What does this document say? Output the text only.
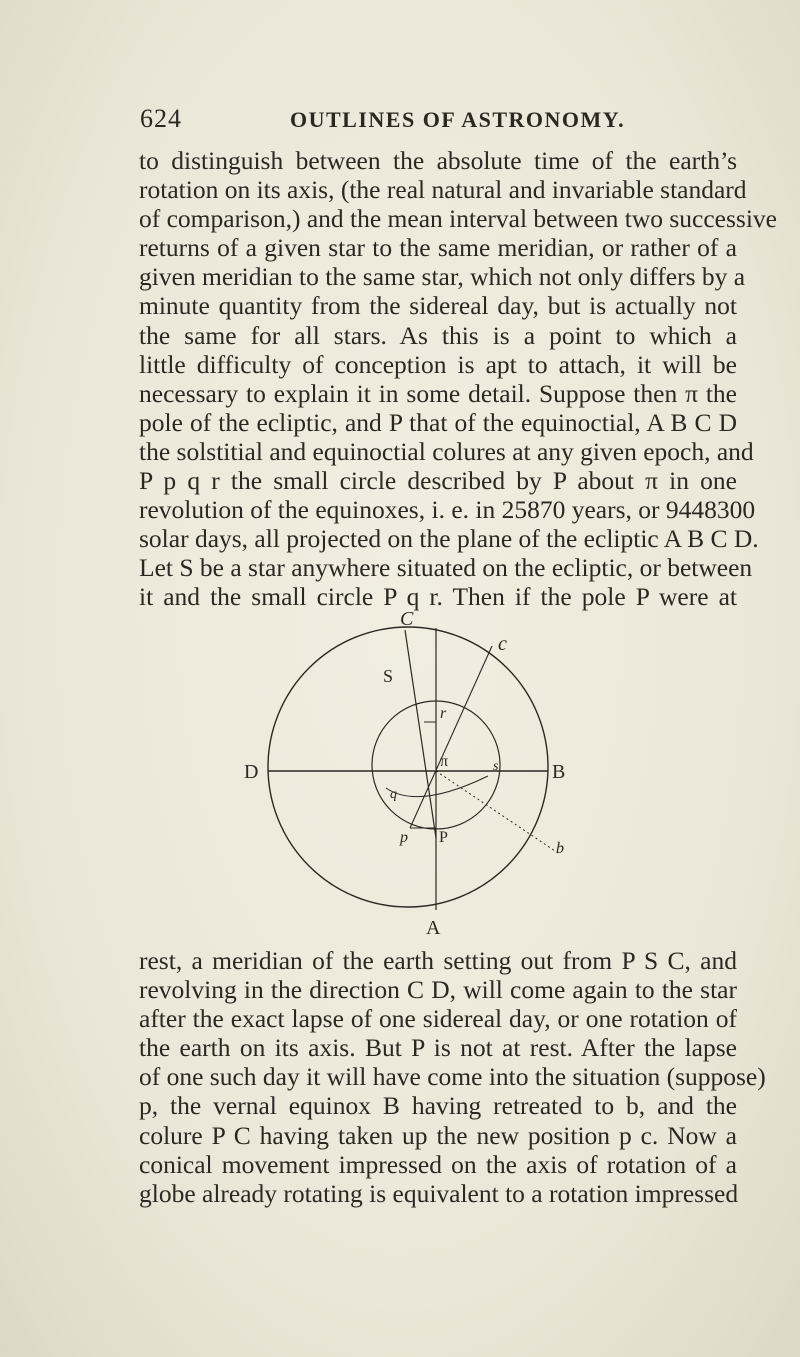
624	OUTLINES OF ASTRONOMY.
to distinguish between the absolute time of the earth’s
rotation on its axis, (the real natural and invariable standard
of comparison,) and the mean interval between two successive
returns of a given star to the same meridian, or rather of a
given meridian to the same star, which not only differs by a
minute quantity from the sidereal day, but is actually not
the same for all stars. As this is a point to which a
little difficulty of conception is apt to attach, it will be
necessary to explain it in some detail. Suppose then π the
pole of the ecliptic, and P that of the equinoctial, A B C D
the solstitial and equinoctial colures at any given epoch, and
P p q r the small circle described by P about π in one
revolution of the equinoxes, i. e. in 25870 years, or 9448300
solar days, all projected on the plane of the ecliptic A B C D.
Let S be a star anywhere situated on the ecliptic, or between
it and the small circle P q r. Then if the pole P were at
C
c
S
r
D	B
π	s
q
p P
b
A
rest, a meridian of the earth setting out from P S C, and
revolving in the direction C D, will come again to the star
after the exact lapse of one sidereal day, or one rotation of
the earth on its axis. But P is not at rest. After the lapse
of one such day it will have come into the situation (suppose)
p, the vernal equinox B having retreated to b, and the
colure P C having taken up the new position p c. Now a
conical movement impressed on the axis of rotation of a
globe already rotating is equivalent to a rotation impressed
